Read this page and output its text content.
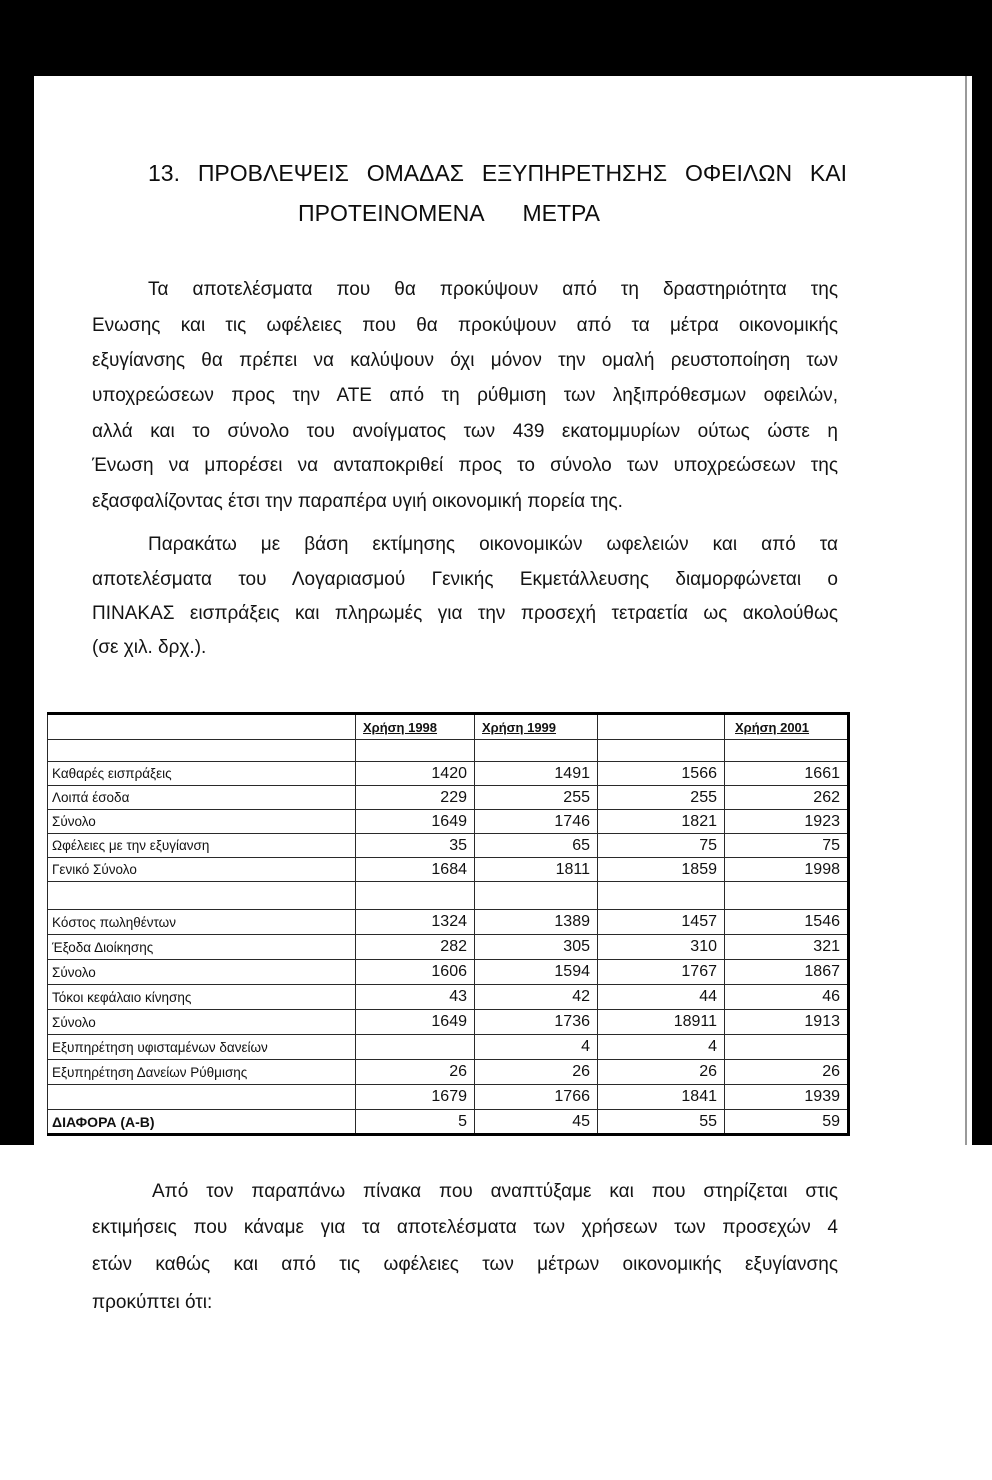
13. ΠΡΟΒΛΕΨΕΙΣ ΟΜΑΔΑΣ ΕΞΥΠΗΡΕΤΗΣΗΣ ΟΦΕΙΛΩΝ ΚΑΙ
ΠΡΟΤΕΙΝΟΜΕΝΑ ΜΕΤΡΑ
Τα αποτελέσματα που θα προκύψουν από τη δραστηριότητα της
Ενωσης και τις ωφέλειες που θα προκύψουν από τα μέτρα οικονομικής
εξυγίανσης θα πρέπει να καλύψουν όχι μόνον την ομαλή ρευστοποίηση των
υποχρεώσεων προς την ΑΤΕ από τη ρύθμιση των ληξιπρόθεσμων οφειλών,
αλλά και το σύνολο του ανοίγματος των 439 εκατομμυρίων ούτως ώστε η
Ένωση να μπορέσει να ανταποκριθεί προς το σύνολο των υποχρεώσεων της
εξασφαλίζοντας έτσι την παραπέρα υγιή οικονομική πορεία της.
Παρακάτω με βάση εκτίμησης οικονομικών ωφελειών και από τα
αποτελέσματα του Λογαριασμού Γενικής Εκμετάλλευσης διαμορφώνεται ο
ΠΙΝΑΚΑΣ εισπράξεις και πληρωμές για την προσεχή τετραετία ως ακολούθως
(σε χιλ. δρχ.).
	Χρήση 1998	Χρήση 1999		Χρήση 2001

Καθαρές εισπράξεις	1420	1491	1566	1661
Λοιπά έσοδα	229	255	255	262
Σύνολο	1649	1746	1821	1923
Ωφέλειες με την εξυγίανση	35	65	75	75
Γενικό Σύνολο	1684	1811	1859	1998

Κόστος πωληθέντων	1324	1389	1457	1546
Έξοδα Διοίκησης	282	305	310	321
Σύνολο	1606	1594	1767	1867
Τόκοι κεφάλαιο κίνησης	43	42	44	46
Σύνολο	1649	1736	18911	1913
Εξυπηρέτηση υφισταμένων δανείων		4	4	
Εξυπηρέτηση Δανείων Ρύθμισης	26	26	26	26
	1679	1766	1841	1939
ΔΙΑΦΟΡΑ (Α-Β)	5	45	55	59
Από τον παραπάνω πίνακα που αναπτύξαμε και που στηρίζεται στις
εκτιμήσεις που κάναμε για τα αποτελέσματα των χρήσεων των προσεχών 4
ετών καθώς και από τις ωφέλειες των μέτρων οικονομικής εξυγίανσης
προκύπτει ότι:
